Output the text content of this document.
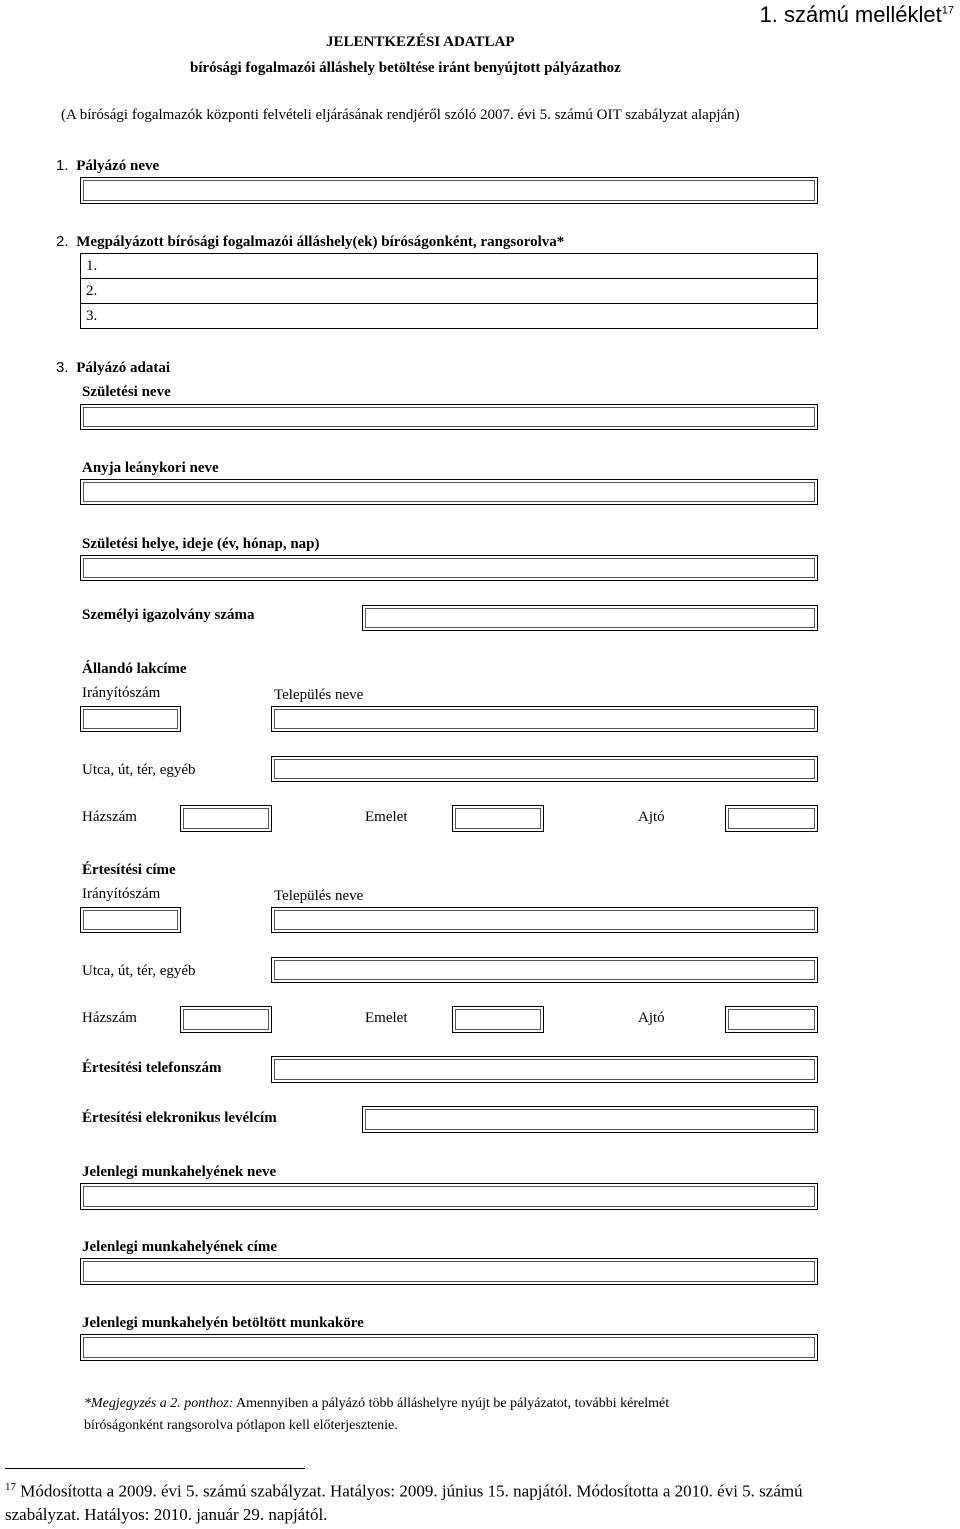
1. számú melléklet$^{17}$
JELENTKEZÉSI ADATLAP
bírósági fogalmazói álláshely betöltése iránt benyújtott pályázathoz
(A bírósági fogalmazók központi felvételi eljárásának rendjéről szóló 2007. évi 5. számú OIT szabályzat alapján)
1. Pályázó neve
2. Megpályázott bírósági fogalmazói álláshely(ek) bíróságonként, rangsorolva*
1.
2.
3.
3. Pályázó adatai
Születési neve
Anyja leánykori neve
Születési helye, ideje (év, hónap, nap)
Személyi igazolvány száma
Állandó lakcíme
Irányítószám	Település neve
Utca, út, tér, egyéb
Házszám	Emelet	Ajtó
Értesítési címe
Irányítószám	Település neve
Utca, út, tér, egyéb
Házszám	Emelet	Ajtó
Értesítési telefonszám
Értesítési elekronikus levélcím
Jelenlegi munkahelyének neve
Jelenlegi munkahelyének címe
Jelenlegi munkahelyén betöltött munkaköre
*Megjegyzés a 2. ponthoz: Amennyiben a pályázó több álláshelyre nyújt be pályázatot, további kérelmét
bíróságonként rangsorolva pótlapon kell előterjesztenie.
$^{17}$ Módosította a 2009. évi 5. számú szabályzat. Hatályos: 2009. június 15. napjától. Módosította a 2010. évi 5. számú
szabályzat. Hatályos: 2010. január 29. napjától.
